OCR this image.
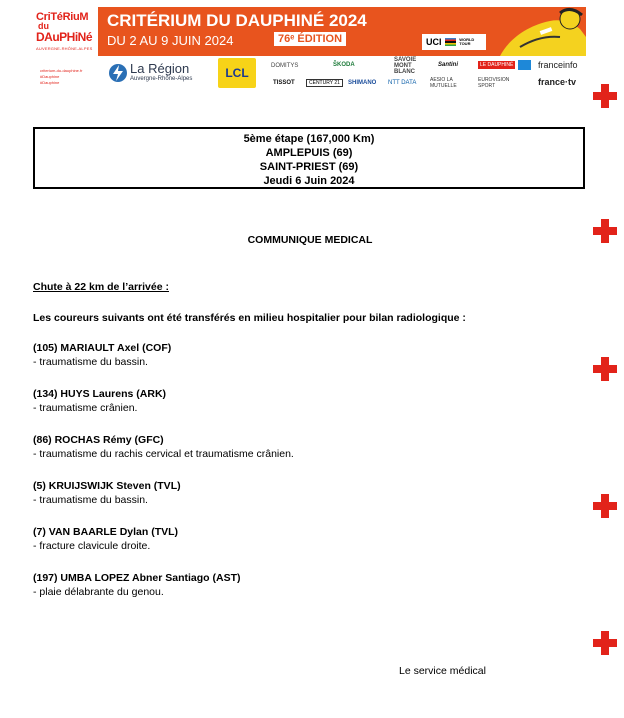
CriTéRiuM
du
DAuPHiNé
AUVERGNE-RHÔNE-ALPES
criterium-du-dauphine.fr
#Dauphine
#Dauphine
CRITÉRIUM DU DAUPHINÉ 2024
DU 2 AU 9 JUIN 2024	76ᵉ ÉDITION	UCI	WORLD TOUR
La Région
Auvergne-Rhône-Alpes	LCL	DOMITYS	ŠKODA
SAVOIE MONT BLANC
Santini	LE DAUPHINÉ	franceinfo
TISSOT	CENTURY 21	SHIMANO NTT DATA	AESIO LA MUTUELLE
EUROVISION SPORT	france·tv
5ème étape (167,000 Km)
AMPLEPUIS (69)
SAINT-PRIEST (69)
Jeudi 6 Juin 2024
COMMUNIQUE MEDICAL
Chute à 22 km de l’arrivée :
Les coureurs suivants ont été transférés en milieu hospitalier pour bilan radiologique :
(105) MARIAULT Axel (COF)
- traumatisme du bassin.
(134) HUYS Laurens (ARK)
- traumatisme crânien.
(86) ROCHAS Rémy (GFC)
- traumatisme du rachis cervical et traumatisme crânien.
(5) KRUIJSWIJK Steven (TVL)
- traumatisme du bassin.
(7) VAN BAARLE Dylan (TVL)
- fracture clavicule droite.
(197) UMBA LOPEZ Abner Santiago (AST)
- plaie délabrante du genou.
Le service médical
